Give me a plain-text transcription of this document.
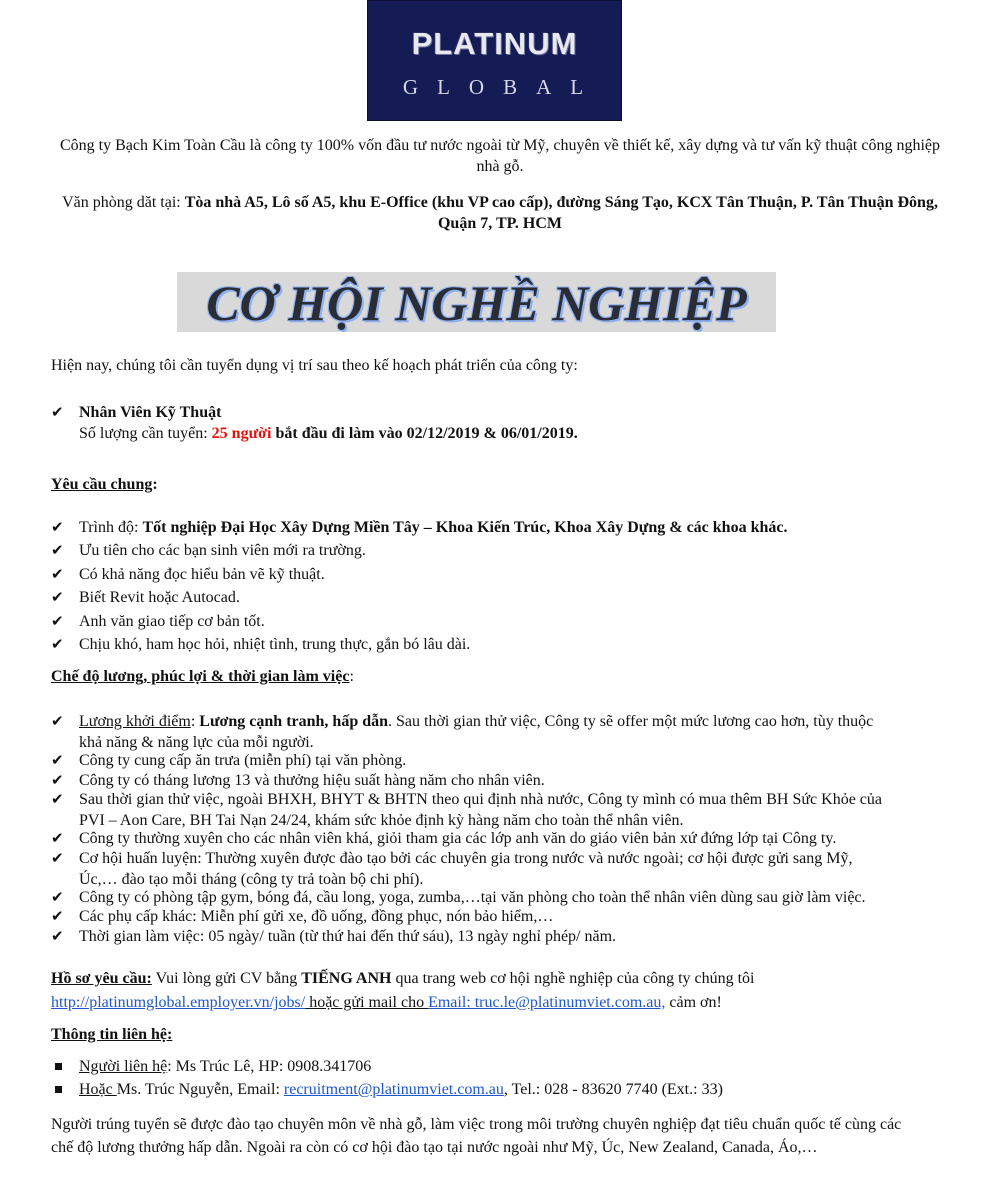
PLATINUM
GLOBAL
Công ty Bạch Kim Toàn Cầu là công ty 100% vốn đầu tư nước ngoài từ Mỹ, chuyên về thiết kế, xây dựng và tư vấn kỹ thuật công nghiệp nhà gỗ.
Văn phòng dăt tại: Tòa nhà A5, Lô số A5, khu E-Office (khu VP cao cấp), đường Sáng Tạo, KCX Tân Thuận, P. Tân Thuận Đông, Quận 7, TP. HCM
CƠ HỘI NGHỀ NGHIỆP
Hiện nay, chúng tôi cần tuyển dụng vị trí sau theo kế hoạch phát triển của công ty:
✔ Nhân Viên Kỹ Thuật
Số lượng cần tuyển: 25 người bắt đầu đi làm vào 02/12/2019 & 06/01/2019.
Yêu cầu chung:
✔ Trình độ: Tốt nghiệp Đại Học Xây Dựng Miền Tây – Khoa Kiến Trúc, Khoa Xây Dựng & các khoa khác.
✔ Ưu tiên cho các bạn sinh viên mới ra trường.
✔ Có khả năng đọc hiểu bản vẽ kỹ thuật.
✔ Biết Revit hoặc Autocad.
✔ Anh văn giao tiếp cơ bản tốt.
✔ Chịu khó, ham học hỏi, nhiệt tình, trung thực, gắn bó lâu dài.
Chế độ lương, phúc lợi & thời gian làm việc:
✔ Lương khởi điểm: Lương cạnh tranh, hấp dẫn. Sau thời gian thử việc, Công ty sẽ offer một mức lương cao hơn, tùy thuộc
khả năng & năng lực của mỗi người.
✔ Công ty cung cấp ăn trưa (miễn phí) tại văn phòng.
✔ Công ty có tháng lương 13 và thưởng hiệu suất hàng năm cho nhân viên.
✔ Sau thời gian thử việc, ngoài BHXH, BHYT & BHTN theo qui định nhà nước, Công ty mình có mua thêm BH Sức Khỏe của
PVI – Aon Care, BH Tai Nạn 24/24, khám sức khỏe định kỳ hàng năm cho toàn thể nhân viên.
✔ Công ty thường xuyên cho các nhân viên khá, giỏi tham gia các lớp anh văn do giáo viên bản xứ đứng lớp tại Công ty.
✔ Cơ hội huấn luyện: Thường xuyên được đào tạo bởi các chuyên gia trong nước và nước ngoài; cơ hội được gửi sang Mỹ,
Úc,… đào tạo mỗi tháng (công ty trả toàn bộ chi phí).
✔ Công ty có phòng tập gym, bóng đá, cầu long, yoga, zumba,…tại văn phòng cho toàn thể nhân viên dùng sau giờ làm việc.
✔ Các phụ cấp khác: Miễn phí gửi xe, đồ uống, đồng phục, nón bảo hiểm,…
✔ Thời gian làm việc: 05 ngày/ tuần (từ thứ hai đến thứ sáu), 13 ngày nghỉ phép/ năm.
Hồ sơ yêu cầu: Vui lòng gửi CV bằng TIẾNG ANH qua trang web cơ hội nghề nghiệp của công ty chúng tôi
http://platinumglobal.employer.vn/jobs/ hoặc gửi mail cho Email: truc.le@platinumviet.com.au, cảm ơn!
Thông tin liên hệ:
Người liên hệ: Ms Trúc Lê, HP: 0908.341706
Hoặc Ms. Trúc Nguyễn, Email: recruitment@platinumviet.com.au, Tel.: 028 - 83620 7740 (Ext.: 33)
Người trúng tuyển sẽ được đào tạo chuyên môn về nhà gỗ, làm việc trong môi trường chuyên nghiệp đạt tiêu chuẩn quốc tế cùng các
chế độ lương thưởng hấp dẫn. Ngoài ra còn có cơ hội đào tạo tại nước ngoài như Mỹ, Úc, New Zealand, Canada, Áo,…
